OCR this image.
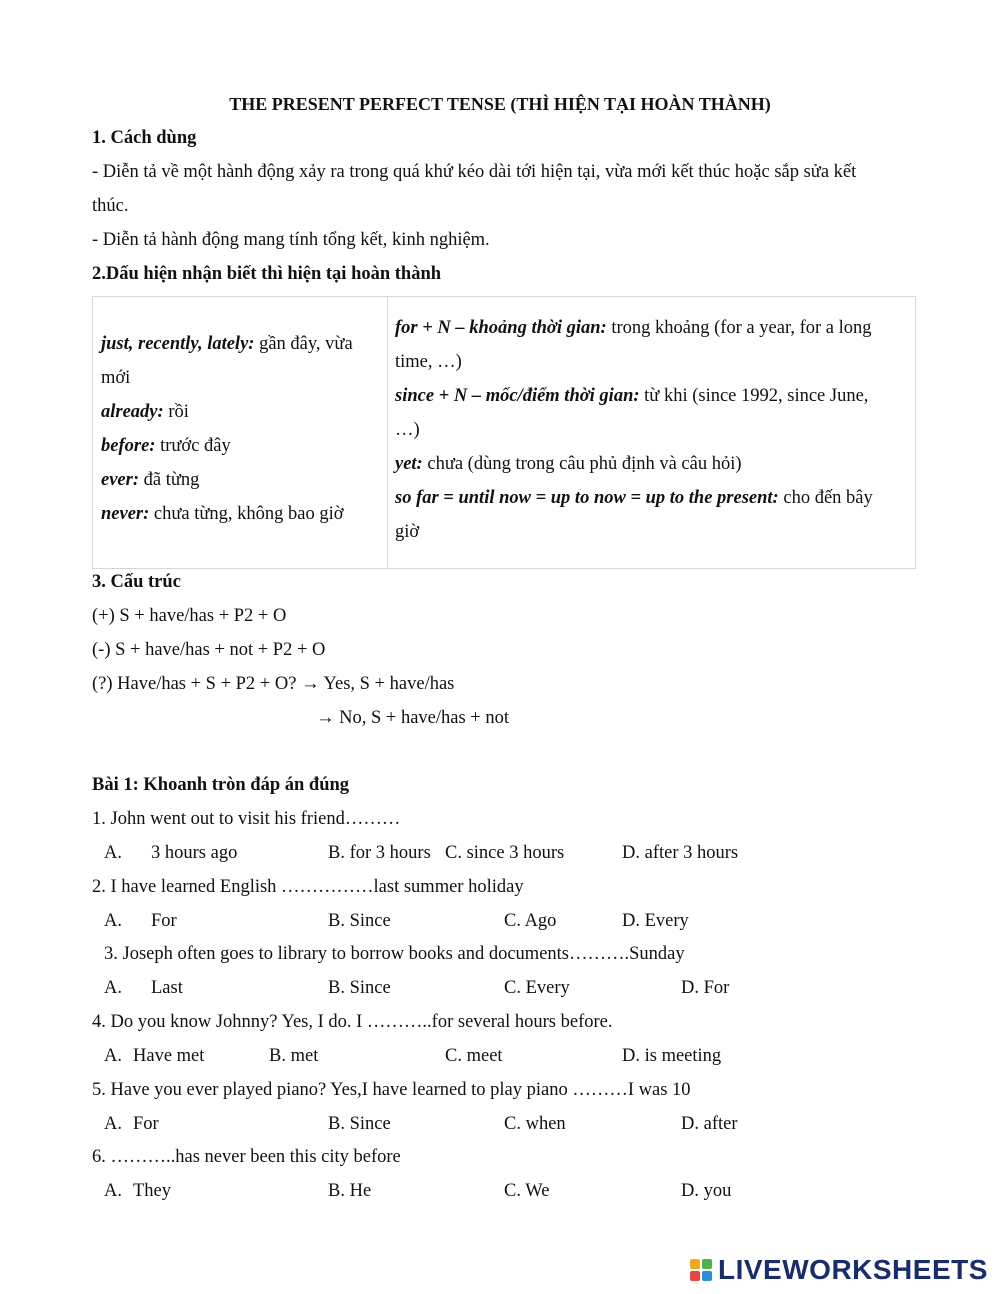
THE PRESENT PERFECT TENSE (THÌ HIỆN TẠI HOÀN THÀNH)
1. Cách dùng
- Diễn tả về một hành động xảy ra trong quá khứ kéo dài tới hiện tại, vừa mới kết thúc hoặc sắp sửa kết
thúc.
- Diễn tả hành động mang tính tổng kết, kinh nghiệm.
2.Dấu hiện nhận biết thì hiện tại hoàn thành
just, recently, lately: gần đây, vừa
mới
already: rồi
before: trước đây
ever: đã từng
never: chưa từng, không bao giờ
for + N – khoảng thời gian: trong khoảng (for a year, for a long
time, …)
since + N – mốc/điểm thời gian: từ khi (since 1992, since June,
…)
yet: chưa (dùng trong câu phủ định và câu hỏi)
so far = until now = up to now = up to the present: cho đến bây
giờ
3. Cấu trúc
(+) S + have/has + P2 + O
(-) S + have/has + not + P2 + O
(?) Have/has + S + P2 + O? → Yes, S + have/has
→ No, S + have/has + not
Bài 1: Khoanh tròn đáp án đúng
1. John went out to visit his friend………
A. 3 hours ago	B. for 3 hours C. since 3 hours	D. after 3 hours
2. I have learned English ……………last summer holiday
A. For	B. Since	C. Ago	D. Every
3. Joseph often goes to library to borrow books and documents……….Sunday
A. Last	B. Since	C. Every	D. For
4. Do you know Johnny? Yes, I do. I ………..for several hours before.
A. Have met	B. met	C. meet	D. is meeting
5. Have you ever played piano? Yes,I have learned to play piano ………I was 10
A. For	B. Since	C. when	D. after
6. ………..has never been this city before
A. They	B. He	C. We	D. you
LIVEWORKSHEETS
